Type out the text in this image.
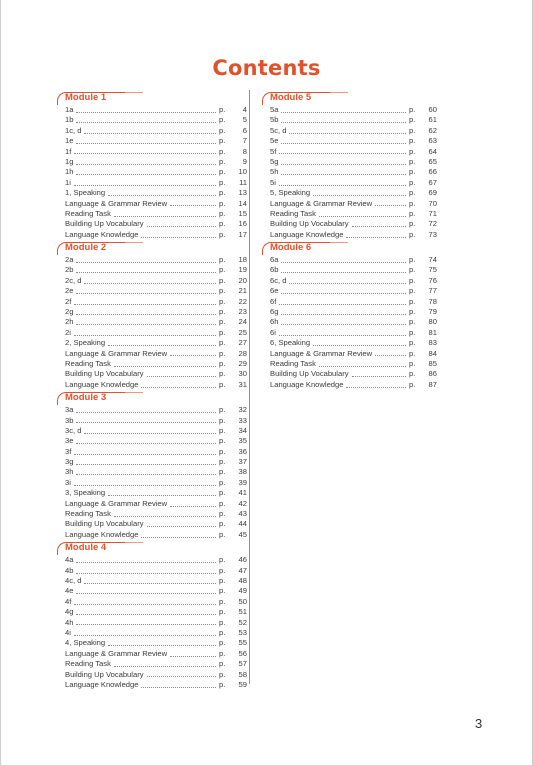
Contents
Module 1
1a	p.	4
1b	p.	5
1c, d	p.	6
1e	p.	7
1f	p.	8
1g	p.	9
1h	p.	10
1i	p.	11
1, Speaking	p.	13
Language & Grammar Review	p.	14
Reading Task	p.	15
Building Up Vocabulary	p.	16
Language Knowledge	p.	17
Module 2
2a	p.	18
2b	p.	19
2c, d	p.	20
2e	p.	21
2f	p.	22
2g	p.	23
2h	p.	24
2i	p.	25
2, Speaking	p.	27
Language & Grammar Review	p.	28
Reading Task	p.	29
Building Up Vocabulary	p.	30
Language Knowledge	p.	31
Module 3
3a	p.	32
3b	p.	33
3c, d	p.	34
3e	p.	35
3f	p.	36
3g	p.	37
3h	p.	38
3i	p.	39
3, Speaking	p.	41
Language & Grammar Review	p.	42
Reading Task	p.	43
Building Up Vocabulary	p.	44
Language Knowledge	p.	45
Module 4
4a	p.	46
4b	p.	47
4c, d	p.	48
4e	p.	49
4f	p.	50
4g	p.	51
4h	p.	52
4i	p.	53
4, Speaking	p.	55
Language & Grammar Review	p.	56
Reading Task	p.	57
Building Up Vocabulary	p.	58
Language Knowledge	p.	59
Module 5
5a	p.	60
5b	p.	61
5c, d	p.	62
5e	p.	63
5f	p.	64
5g	p.	65
5h	p.	66
5i	p.	67
5, Speaking	p.	69
Language & Grammar Review	p.	70
Reading Task	p.	71
Building Up Vocabulary	p.	72
Language Knowledge	p.	73
Module 6
6a	p.	74
6b	p.	75
6c, d	p.	76
6e	p.	77
6f	p.	78
6g	p.	79
6h	p.	80
6i	p.	81
6, Speaking	p.	83
Language & Grammar Review	p.	84
Reading Task	p.	85
Building Up Vocabulary	p.	86
Language Knowledge	p.	87
3
